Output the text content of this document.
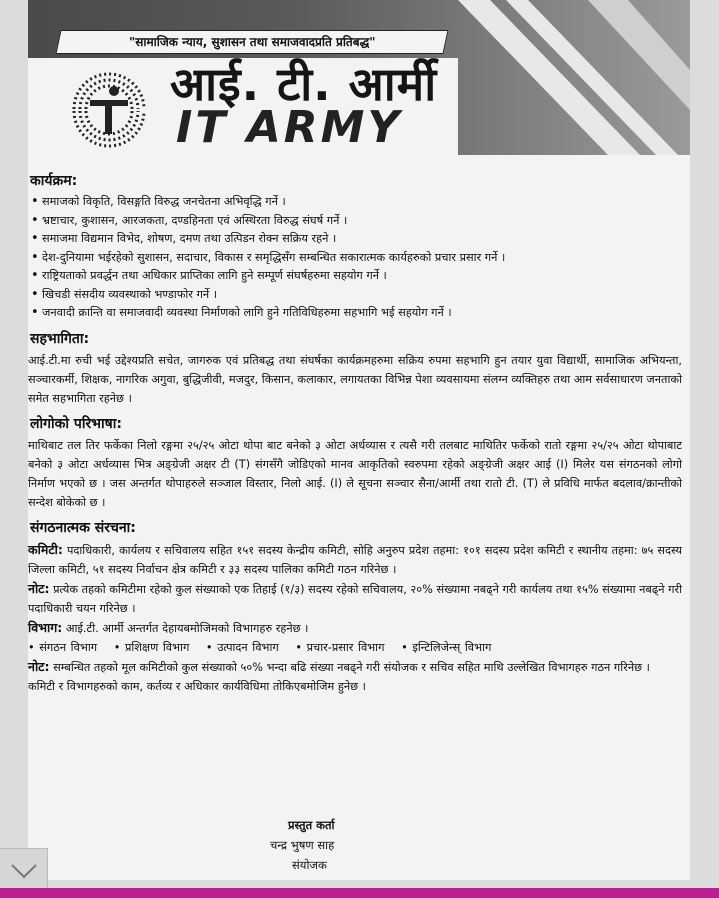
"सामाजिक न्याय, सुशासन तथा समाजवादप्रति प्रतिबद्ध"
आई. टी. आर्मी
IT ARMY
कार्यक्रम:
• समाजको विकृति, विसङ्गति विरुद्ध जनचेतना अभिवृद्धि गर्ने ।
• भ्रष्टाचार, कुशासन, आरजकता, दण्डहिनता एवं अस्थिरता विरुद्ध संघर्ष गर्ने ।
• समाजमा विद्यमान विभेद, शोषण, दमण तथा उत्पिडन रोक्न सक्रिय रहने ।
• देश-दुनियामा भईरहेको सुशासन, सदाचार, विकास र समृद्धिसँग सम्बन्धित सकारात्मक कार्यहरुको प्रचार प्रसार गर्ने ।
• राष्ट्रियताको प्रवर्द्धन तथा अधिकार प्राप्तिका लागि हुने सम्पूर्ण संघर्षहरुमा सहयोग गर्ने ।
• खिचडी संसदीय व्यवस्थाको भण्डाफोर गर्ने ।
• जनवादी क्रान्ति वा समाजवादी व्यवस्था निर्माणको लागि हुने गतिविधिहरुमा सहभागि भई सहयोग गर्ने ।
सहभागिता:

आई.टी.मा रुची भई उद्देश्यप्रति सचेत, जागरुक एवं प्रतिबद्ध तथा संघर्षका कार्यक्रमहरुमा सक्रिय रुपमा सहभागि हुन तयार युवा विद्यार्थी, सामाजिक अभियन्ता, सञ्चारकर्मी, शिक्षक, नागरिक अगुवा, बुद्धिजीवी, मजदुर, किसान, कलाकार, लगायतका विभिन्न पेशा व्यवसायमा संलग्न व्यक्तिहरु तथा आम सर्वसाधारण जनताको समेत सहभागिता रहनेछ ।

लोगोको परिभाषा:

माथिबाट तल तिर फर्केका निलो रङ्गमा २५/२५ ओटा थोपा बाट बनेको ३ ओटा अर्धव्यास र त्यसै गरी तलबाट माथितिर फर्केको रातो रङ्गमा २५/२५ ओटा थोपाबाट बनेको ३ ओटा अर्धव्यास भित्र अङ्ग्रेजी अक्षर टी (T) संगसँगै जोडिएको मानव आकृतिको स्वरुपमा रहेको अङ्ग्रेजी अक्षर आई (I) मिलेर यस संगठनको लोगो निर्माण भएको छ । जस अन्तर्गत थोपाहरुले सञ्जाल विस्तार, निलो आई. (I) ले सूचना सञ्चार सैना/आर्मी तथा रातो टी. (T) ले प्रविधि मार्फत बदलाव/क्रान्तीको सन्देश बोकेको छ ।

संगठनात्मक संरचना:

कमिटी: पदाधिकारी, कार्यलय र सचिवालय सहित १५१ सदस्य केन्द्रीय कमिटी, सोहि अनुरुप प्रदेश तहमा: १०१ सदस्य प्रदेश कमिटी र स्थानीय तहमा: ७५ सदस्य जिल्ला कमिटी, ५१ सदस्य निर्वाचन क्षेत्र कमिटी र ३३ सदस्य पालिका कमिटी गठन गरिनेछ ।

नोट: प्रत्येक तहको कमिटीमा रहेको कुल संख्याको एक तिहाई (१/३) सदस्य रहेको सचिवालय, २०% संख्यामा नबढ्ने गरी कार्यलय तथा १५% संख्यामा नबढ्ने गरी पदाधिकारी चयन गरिनेछ ।

विभाग: आई.टी. आर्मी अन्तर्गत देहायबमोजिमको विभागहरु रहनेछ ।

• संगठन विभाग • प्रशिक्षण विभाग • उत्पादन विभाग • प्रचार-प्रसार विभाग • इन्टिलिजेन्स् विभाग

नोट: सम्बन्धित तहको मूल कमिटीको कुल संख्याको ५०% भन्दा बढि संख्या नबढ्ने गरी संयोजक र सचिव सहित माथि उल्लेखित विभागहरु गठन गरिनेछ ।

कमिटी र विभागहरुको काम, कर्तव्य र अधिकार कार्यविधिमा तोकिएबमोजिम हुनेछ ।

प्रस्तुत कर्ता
चन्द्र भुषण साह
संयोजक
